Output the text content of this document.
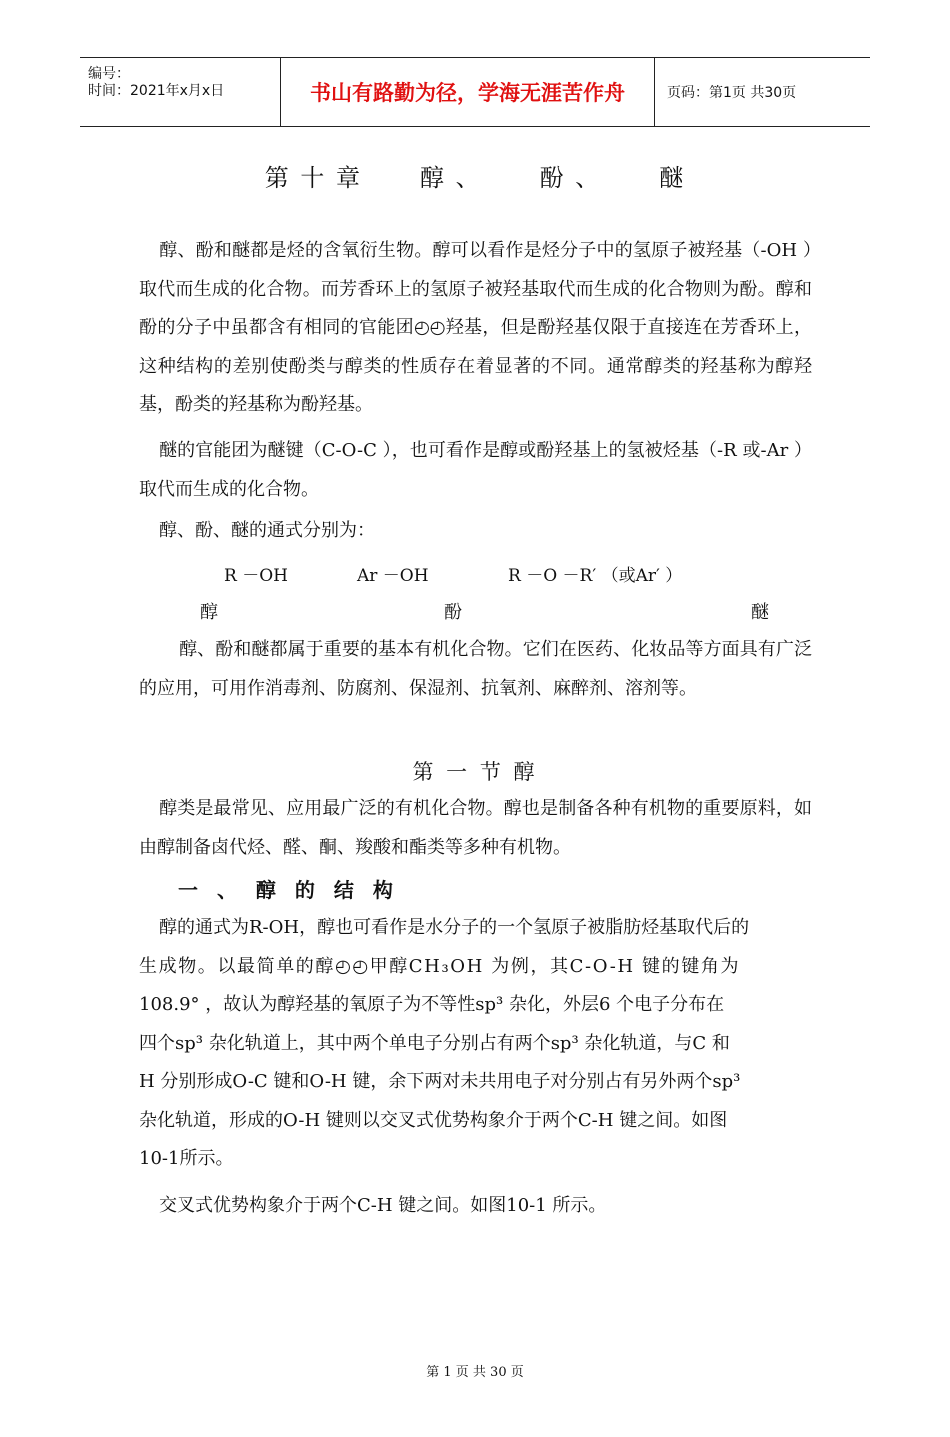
编号：
时间：2021年x月x日	书山有路勤为径，学海无涯苦作舟	页码：第1页 共30页
第 十 章 醇 、 酚 、 醚
醇、酚和醚都是烃的含氧衍生物。醇可以看作是烃分子中的氢原子被羟基（-OH ）取代而生成的化合物。而芳香环上的氢原子被羟基取代而生成的化合物则为酚。醇和酚的分子中虽都含有相同的官能团◴◴羟基，但是酚羟基仅限于直接连在芳香环上，这种结构的差别使酚类与醇类的性质存在着显著的不同。通常醇类的羟基称为醇羟基，酚类的羟基称为酚羟基。
醚的官能团为醚键（C-O-C ），也可看作是醇或酚羟基上的氢被烃基（-R 或-Ar ）取代而生成的化合物。
醇、酚、醚的通式分别为：
R －OH	Ar －OH	R －O －R′ （或Ar′ ）
醇	酚	醚
醇、酚和醚都属于重要的基本有机化合物。它们在医药、化妆品等方面具有广泛的应用，可用作消毒剂、防腐剂、保湿剂、抗氧剂、麻醉剂、溶剂等。
第 一 节 醇
醇类是最常见、应用最广泛的有机化合物。醇也是制备各种有机物的重要原料，如由醇制备卤代烃、醛、酮、羧酸和酯类等多种有机物。
一 、 醇 的 结 构
醇的通式为R-OH，醇也可看作是水分子的一个氢原子被脂肪烃基取代后的
生成物。以最简单的醇◴◴甲醇CH₃OH 为例，其C-O-H 键的键角为
108.9° ，故认为醇羟基的氧原子为不等性sp³ 杂化，外层6 个电子分布在
四个sp³ 杂化轨道上，其中两个单电子分别占有两个sp³ 杂化轨道，与C 和
H 分别形成O-C 键和O-H 键，余下两对未共用电子对分别占有另外两个sp³
杂化轨道，形成的O-H 键则以交叉式优势构象介于两个C-H 键之间。如图
10-1所示。
交叉式优势构象介于两个C-H 键之间。如图10-1 所示。
第 1 页 共 30 页
